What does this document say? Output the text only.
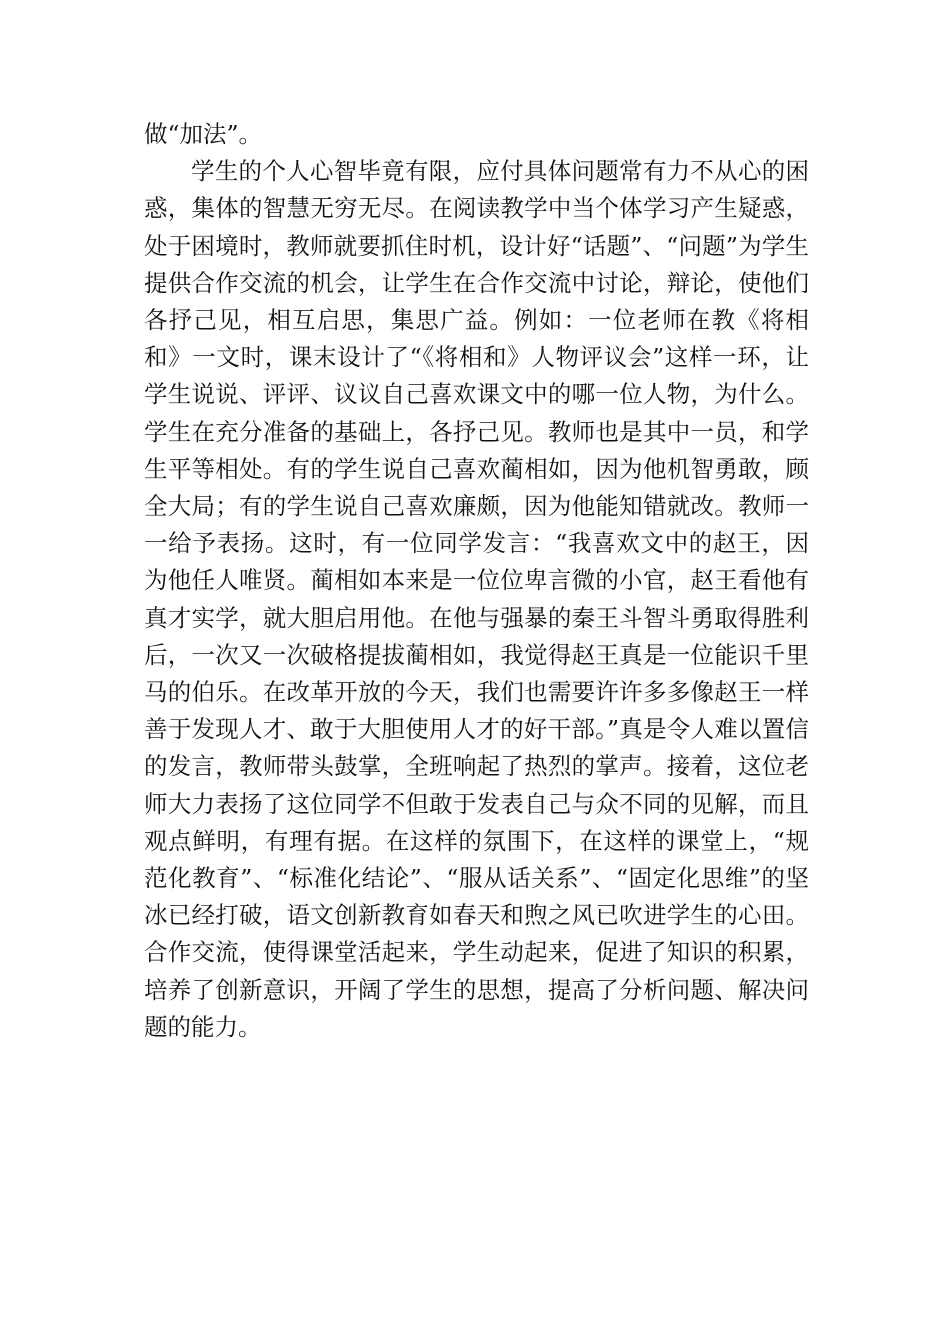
做“加法”。

学生的个人心智毕竟有限，应付具体问题常有力不从心的困惑，集体的智慧无穷无尽。在阅读教学中当个体学习产生疑惑，处于困境时，教师就要抓住时机，设计好“话题”、“问题”为学生提供合作交流的机会，让学生在合作交流中讨论，辩论，使他们各抒己见，相互启思，集思广益。例如：一位老师在教《将相和》一文时，课末设计了“《将相和》人物评议会”这样一环，让学生说说、评评、议议自己喜欢课文中的哪一位人物，为什么。学生在充分准备的基础上，各抒己见。教师也是其中一员，和学生平等相处。有的学生说自己喜欢蔺相如，因为他机智勇敢，顾全大局；有的学生说自己喜欢廉颇，因为他能知错就改。教师一一给予表扬。这时，有一位同学发言：“我喜欢文中的赵王，因为他任人唯贤。蔺相如本来是一位位卑言微的小官，赵王看他有真才实学，就大胆启用他。在他与强暴的秦王斗智斗勇取得胜利后，一次又一次破格提拔蔺相如，我觉得赵王真是一位能识千里马的伯乐。在改革开放的今天，我们也需要许许多多像赵王一样善于发现人才、敢于大胆使用人才的好干部。”真是令人难以置信的发言，教师带头鼓掌，全班响起了热烈的掌声。接着，这位老师大力表扬了这位同学不但敢于发表自己与众不同的见解，而且观点鲜明，有理有据。在这样的氛围下，在这样的课堂上，“规范化教育”、“标准化结论”、“服从话关系”、“固定化思维”的坚冰已经打破，语文创新教育如春天和煦之风已吹进学生的心田。合作交流，使得课堂活起来，学生动起来，促进了知识的积累，培养了创新意识，开阔了学生的思想，提高了分析问题、解决问题的能力。
